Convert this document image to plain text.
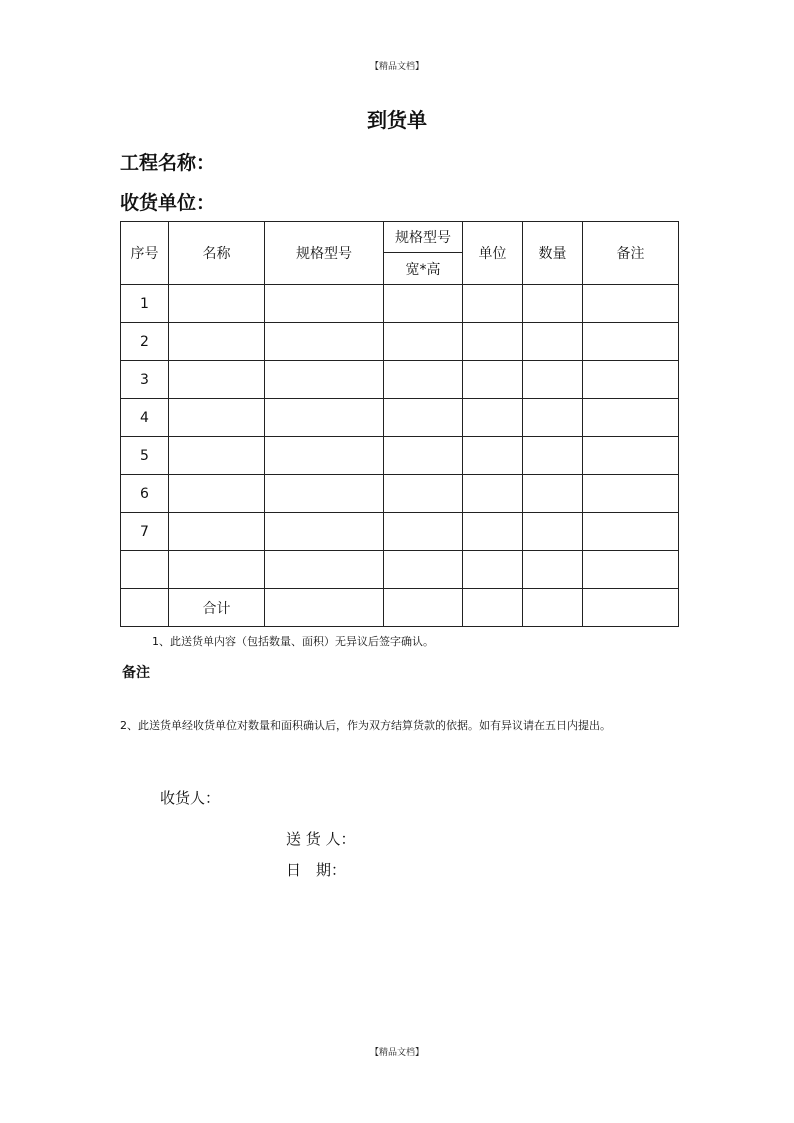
【精品文档】
到货单
工程名称：
收货单位：
序号	名称	规格型号	规格型号	单位	数量	备注
			宽*高			
1						
2						
3						
4						
5						
6						
7						

	合计					
1、此送货单内容（包括数量、面积）无异议后签字确认。
备注
2、此送货单经收货单位对数量和面积确认后，作为双方结算货款的依据。如有异议请在五日内提出。
收货人：
送 货 人：
日　期：
【精品文档】
